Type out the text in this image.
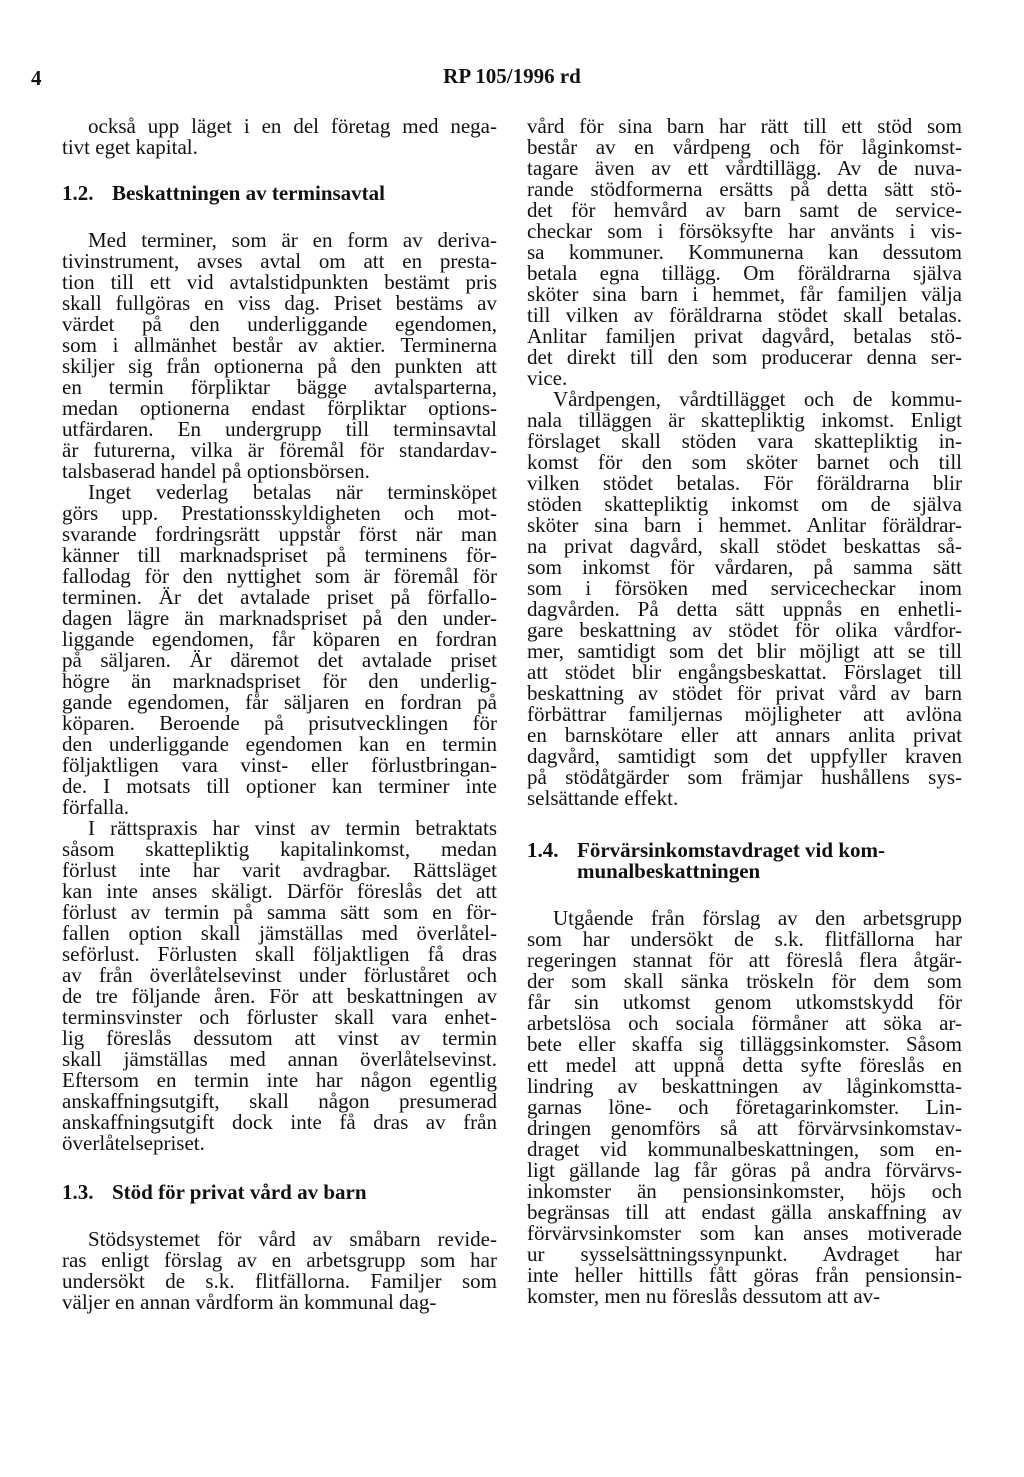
4	RP 105/1996 rd
också upp läget i en del företag med nega-
tivt eget kapital.
1.2. Beskattningen av terminsavtal
Med terminer, som är en form av deriva-
tivinstrument, avses avtal om att en presta-
tion till ett vid avtalstidpunkten bestämt pris
skall fullgöras en viss dag. Priset bestäms av
värdet på den underliggande egendomen,
som i allmänhet består av aktier. Terminerna
skiljer sig från optionerna på den punkten att
en termin förpliktar bägge avtalsparterna,
medan optionerna endast förpliktar options-
utfärdaren. En undergrupp till terminsavtal
är futurerna, vilka är föremål för standardav-
talsbaserad handel på optionsbörsen.
Inget vederlag betalas när terminsköpet
görs upp. Prestationsskyldigheten och mot-
svarande fordringsrätt uppstår först när man
känner till marknadspriset på terminens för-
fallodag för den nyttighet som är föremål för
terminen. Är det avtalade priset på förfallo-
dagen lägre än marknadspriset på den under-
liggande egendomen, får köparen en fordran
på säljaren. Är däremot det avtalade priset
högre än marknadspriset för den underlig-
gande egendomen, får säljaren en fordran på
köparen. Beroende på prisutvecklingen för
den underliggande egendomen kan en termin
följaktligen vara vinst- eller förlustbringan-
de. I motsats till optioner kan terminer inte
förfalla.
I rättspraxis har vinst av termin betraktats
såsom skattepliktig kapitalinkomst, medan
förlust inte har varit avdragbar. Rättsläget
kan inte anses skäligt. Därför föreslås det att
förlust av termin på samma sätt som en för-
fallen option skall jämställas med överlåtel-
seförlust. Förlusten skall följaktligen få dras
av från överlåtelsevinst under förluståret och
de tre följande åren. För att beskattningen av
terminsvinster och förluster skall vara enhet-
lig föreslås dessutom att vinst av termin
skall jämställas med annan överlåtelsevinst.
Eftersom en termin inte har någon egentlig
anskaffningsutgift, skall någon presumerad
anskaffningsutgift dock inte få dras av från
överlåtelsepriset.
1.3. Stöd för privat vård av barn
Stödsystemet för vård av småbarn revide-
ras enligt förslag av en arbetsgrupp som har
undersökt de s.k. flitfällorna. Familjer som
väljer en annan vårdform än kommunal dag-
vård för sina barn har rätt till ett stöd som
består av en vårdpeng och för låginkomst-
tagare även av ett vårdtillägg. Av de nuva-
rande stödformerna ersätts på detta sätt stö-
det för hemvård av barn samt de service-
checkar som i försöksyfte har använts i vis-
sa kommuner. Kommunerna kan dessutom
betala egna tillägg. Om föräldrarna själva
sköter sina barn i hemmet, får familjen välja
till vilken av föräldrarna stödet skall betalas.
Anlitar familjen privat dagvård, betalas stö-
det direkt till den som producerar denna ser-
vice.
Vårdpengen, vårdtillägget och de kommu-
nala tilläggen är skattepliktig inkomst. Enligt
förslaget skall stöden vara skattepliktig in-
komst för den som sköter barnet och till
vilken stödet betalas. För föräldrarna blir
stöden skattepliktig inkomst om de själva
sköter sina barn i hemmet. Anlitar föräldrar-
na privat dagvård, skall stödet beskattas så-
som inkomst för vårdaren, på samma sätt
som i försöken med servicecheckar inom
dagvården. På detta sätt uppnås en enhetli-
gare beskattning av stödet för olika vårdfor-
mer, samtidigt som det blir möjligt att se till
att stödet blir engångsbeskattat. Förslaget till
beskattning av stödet för privat vård av barn
förbättrar familjernas möjligheter att avlöna
en barnskötare eller att annars anlita privat
dagvård, samtidigt som det uppfyller kraven
på stödåtgärder som främjar hushållens sys-
selsättande effekt.
1.4. Förvärsinkomstavdraget vid kom-
munalbeskattningen
Utgående från förslag av den arbetsgrupp
som har undersökt de s.k. flitfällorna har
regeringen stannat för att föreslå flera åtgär-
der som skall sänka tröskeln för dem som
får sin utkomst genom utkomstskydd för
arbetslösa och sociala förmåner att söka ar-
bete eller skaffa sig tilläggsinkomster. Såsom
ett medel att uppnå detta syfte föreslås en
lindring av beskattningen av låginkomstta-
garnas löne- och företagarinkomster. Lin-
dringen genomförs så att förvärvsinkomstav-
draget vid kommunalbeskattningen, som en-
ligt gällande lag får göras på andra förvärvs-
inkomster än pensionsinkomster, höjs och
begränsas till att endast gälla anskaffning av
förvärvsinkomster som kan anses motiverade
ur sysselsättningssynpunkt. Avdraget har
inte heller hittills fått göras från pensionsin-
komster, men nu föreslås dessutom att av-
